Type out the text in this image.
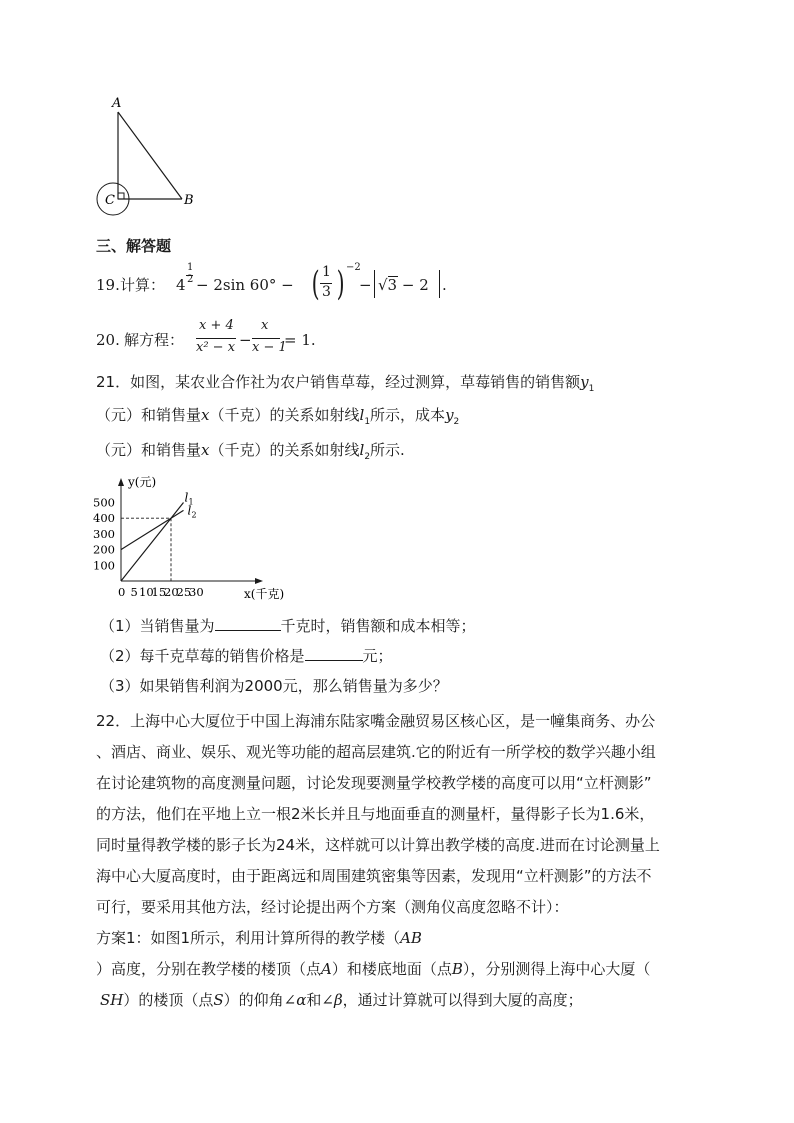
A
B
C
三、解答题
19. 计算： 4
1
2 − 2sin 60° − ( 1
3 ) −2
− √3 − 2 .
20. 解方程：
x + 4
x² − x −
x
x − 1
= 1.
21．如图，某农业合作社为农户销售草莓，经过测算，草莓销售的销售额$y_1$
（元）和销售量x（千克）的关系如射线$l_1$所示，成本$y_2$
（元）和销售量x（千克）的关系如射线$l_2$所示.
y(元)
x(千克)
0 5 10
15
20
25
30
100
200
300
400
500	l 1
l 2
（1）当销售量为	千克时，销售额和成本相等；
（2）每千克草莓的销售价格是	元；
（3）如果销售利润为2000元，那么销售量为多少？
22．上海中心大厦位于中国上海浦东陆家嘴金融贸易区核心区，是一幢集商务、办公
、酒店、商业、娱乐、观光等功能的超高层建筑.它的附近有一所学校的数学兴趣小组
在讨论建筑物的高度测量问题，讨论发现要测量学校教学楼的高度可以用“立杆测影”
的方法，他们在平地上立一根2米长并且与地面垂直的测量杆，量得影子长为1.6米，
同时量得教学楼的影子长为24米，这样就可以计算出教学楼的高度.进而在讨论测量上
海中心大厦高度时，由于距离远和周围建筑密集等因素，发现用“立杆测影”的方法不
可行，要采用其他方法，经讨论提出两个方案（测角仪高度忽略不计）：
方案1：如图1所示，利用计算所得的教学楼（AB
）高度，分别在教学楼的楼顶（点A）和楼底地面（点B），分别测得上海中心大厦（
SH）的楼顶（点S）的仰角∠α和∠β，通过计算就可以得到大厦的高度；
